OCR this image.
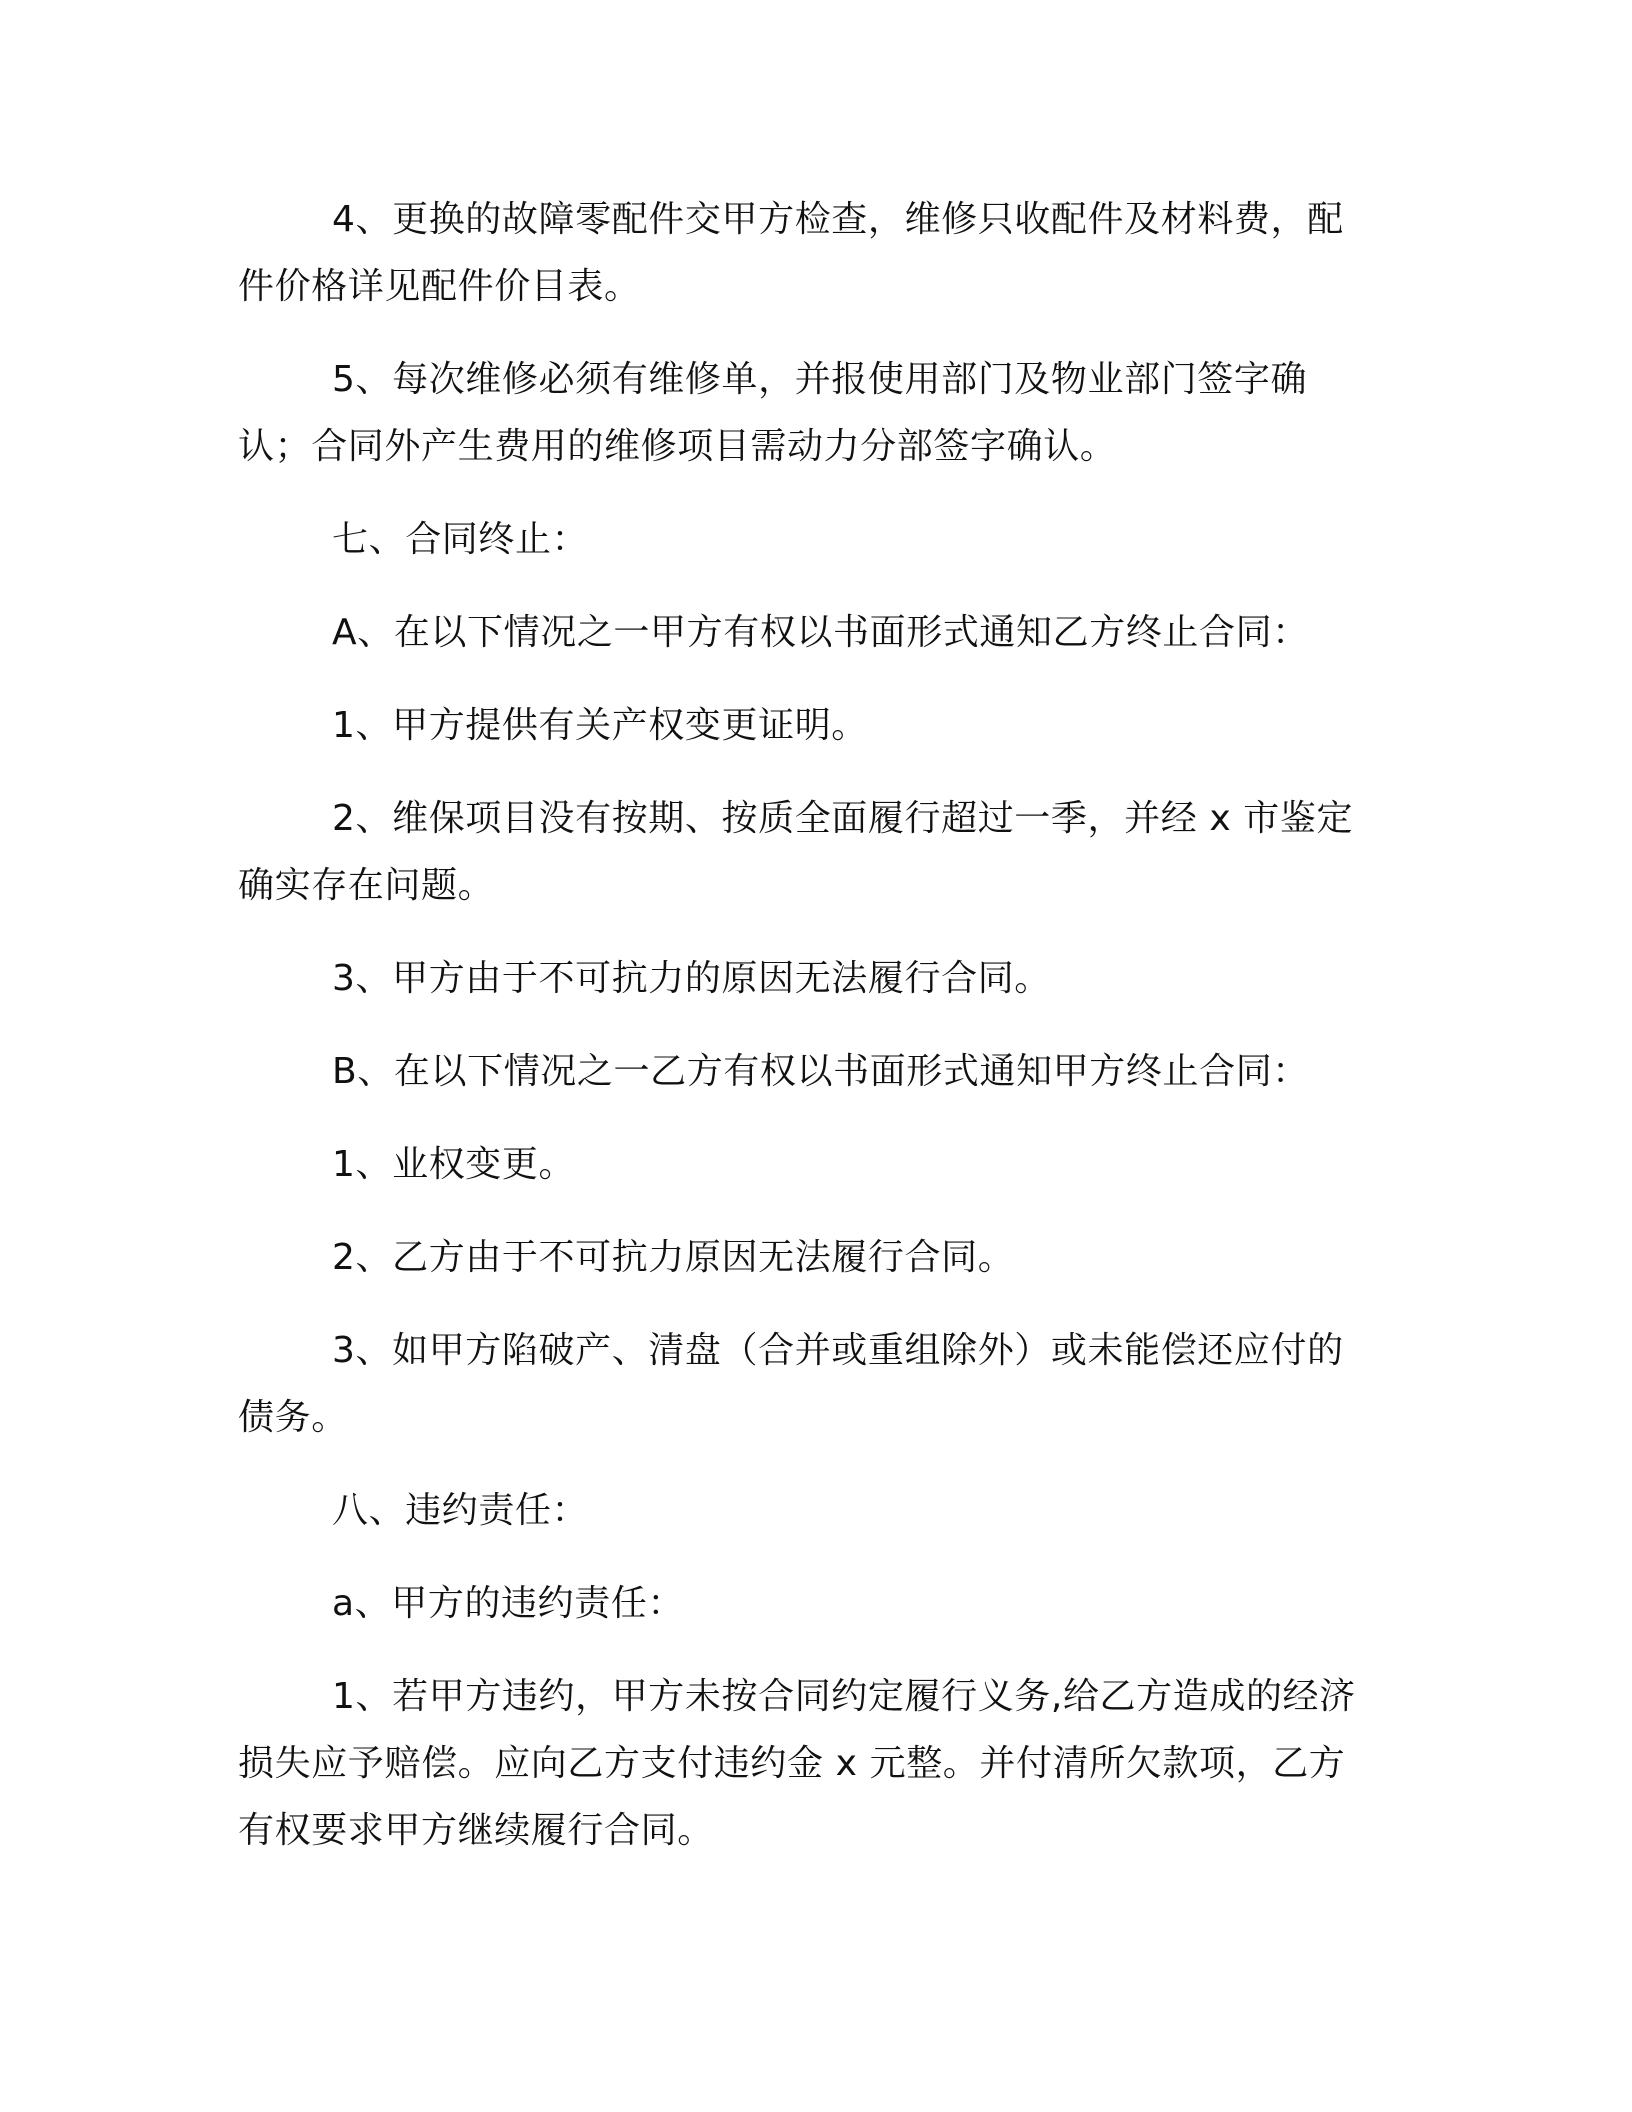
4、更换的故障零配件交甲方检查，维修只收配件及材料费，配件价格详见配件价目表。

5、每次维修必须有维修单，并报使用部门及物业部门签字确认；合同外产生费用的维修项目需动力分部签字确认。

七、合同终止：

A、在以下情况之一甲方有权以书面形式通知乙方终止合同：

1、甲方提供有关产权变更证明。

2、维保项目没有按期、按质全面履行超过一季，并经 x 市鉴定确实存在问题。

3、甲方由于不可抗力的原因无法履行合同。

B、在以下情况之一乙方有权以书面形式通知甲方终止合同：

1、业权变更。

2、乙方由于不可抗力原因无法履行合同。

3、如甲方陷破产、清盘（合并或重组除外）或未能偿还应付的债务。

八、违约责任：

a、甲方的违约责任：

1、若甲方违约，甲方未按合同约定履行义务,给乙方造成的经济损失应予赔偿。应向乙方支付违约金 x 元整。并付清所欠款项，乙方有权要求甲方继续履行合同。
